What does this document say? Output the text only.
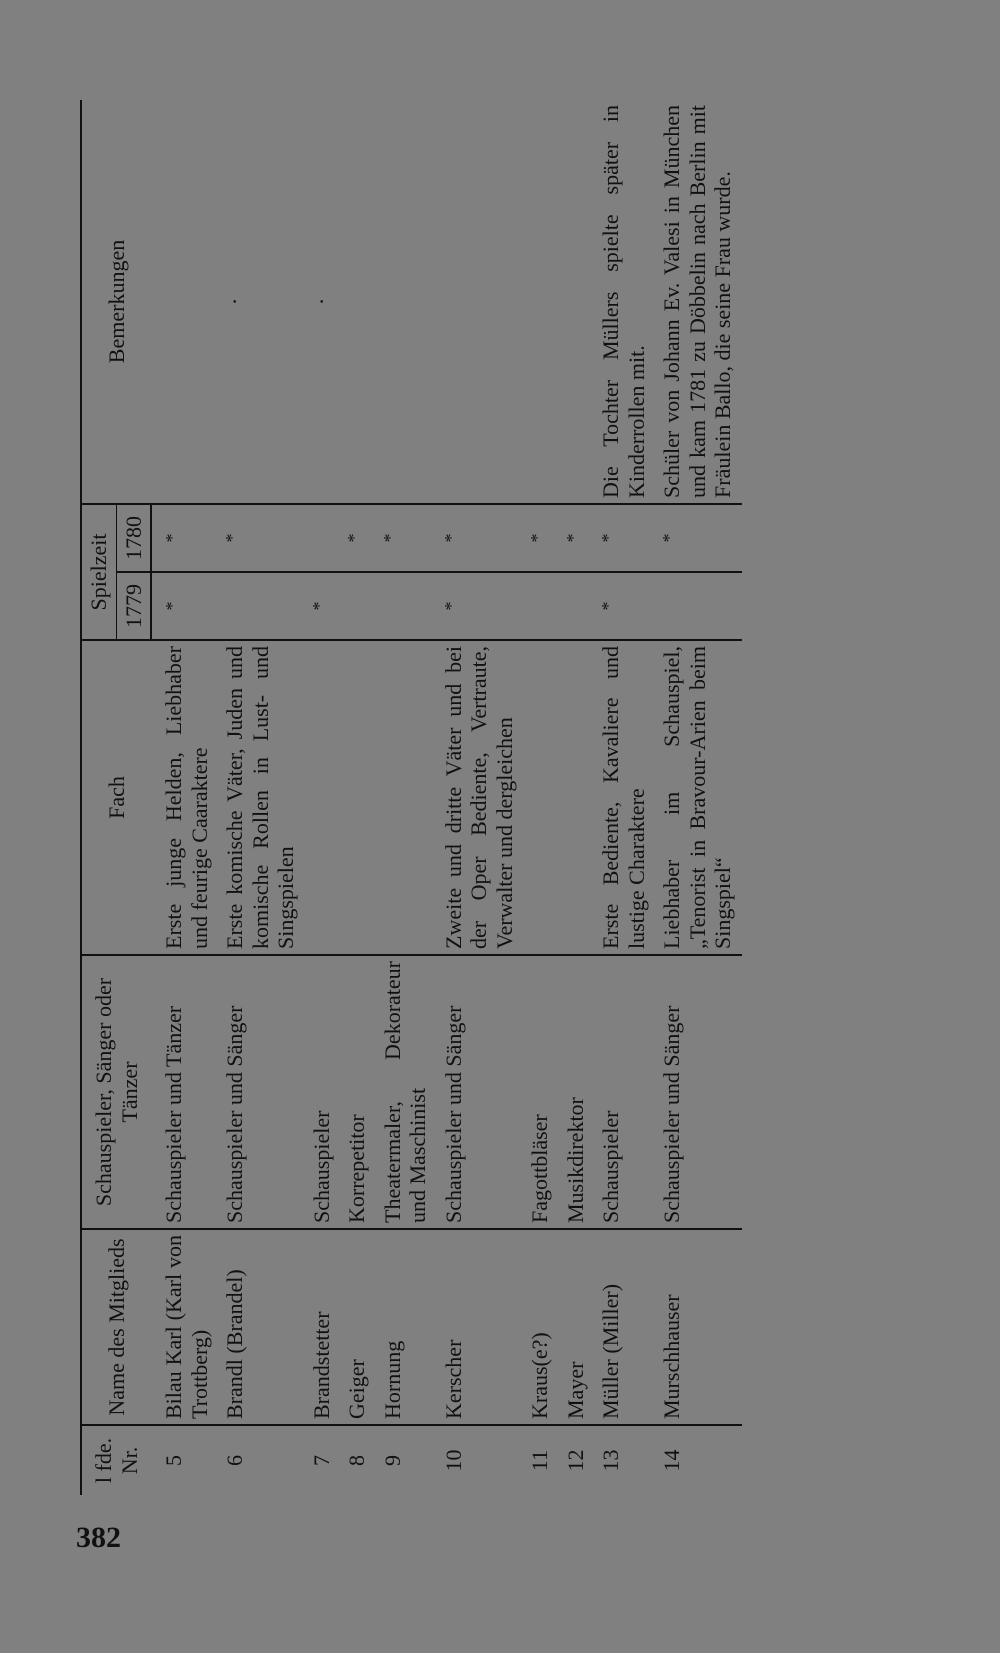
382
l fde. Nr.	Name des Mitglieds	Schauspieler, Sänger oder Tänzer	Fach	Spielzeit		Bemerkungen
				1779	1780	
5	Bilau Karl (Karl von Trottberg)	Schauspieler und Tänzer	Erste junge Helden, Liebhaber und feurige Caaraktere	*	*	
6	Brandl (Brandel)	Schauspieler und Sänger	Erste komische Väter, Juden und komische Rollen in Lust- und Singspielen		*	·
7	Brandstetter	Schauspieler		*		·
8	Geiger	Korrepetitor			*	
9	Hornung	Theatermaler, Dekorateur und Maschinist			*	
10	Kerscher	Schauspieler und Sänger	Zweite und dritte Väter und bei der Oper Bediente, Vertraute, Verwalter und dergleichen	*	*	
11	Kraus(e?)	Fagottbläser			*	
12	Mayer	Musikdirektor			*	
13	Müller (Miller)	Schauspieler	Erste Bediente, Kavaliere und lustige Charaktere	*	*	Die Tochter Müllers spielte später in Kinderrollen mit.
14	Murschhauser	Schauspieler und Sänger	Liebhaber im Schauspiel, „Tenorist in Bravour-Arien beim Singspiel“		*	Schüler von Johann Ev. Valesi in München und kam 1781 zu Döbbelin nach Berlin mit Fräulein Ballo, die seine Frau wurde.
